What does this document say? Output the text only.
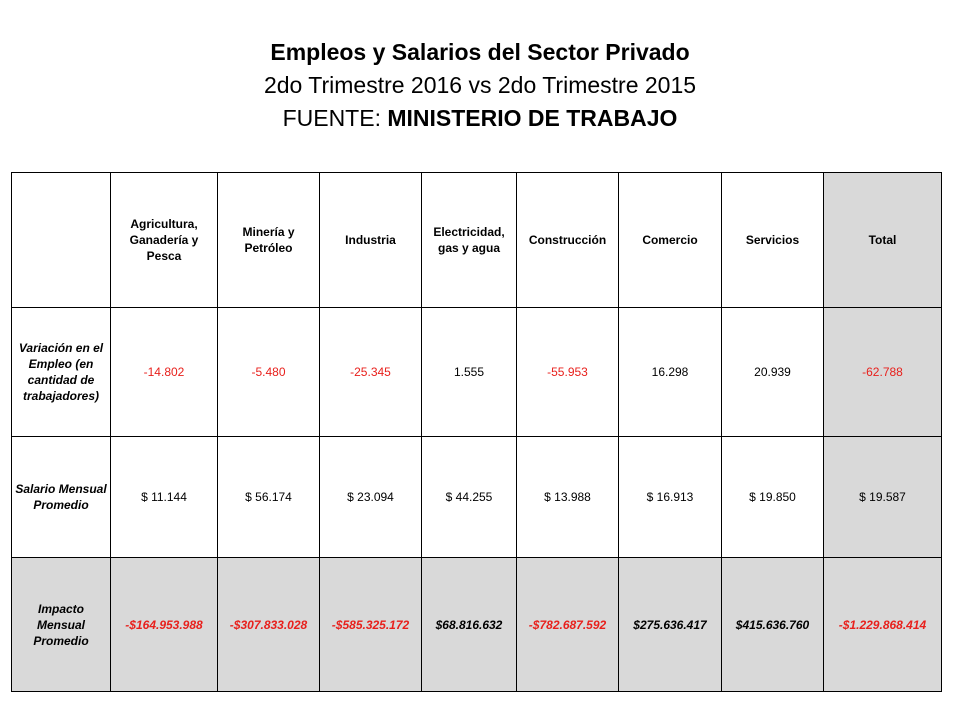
Empleos y Salarios del Sector Privado
2do Trimestre 2016 vs 2do Trimestre 2015
FUENTE: MINISTERIO DE TRABAJO
	Agricultura, Ganadería y Pesca	Minería y Petróleo	Industria	Electricidad, gas y agua	Construcción	Comercio	Servicios	Total
Variación en el Empleo (en cantidad de trabajadores)	-14.802	-5.480	-25.345	1.555	-55.953	16.298	20.939	-62.788
Salario Mensual Promedio	$ 11.144	$ 56.174	$ 23.094	$ 44.255	$ 13.988	$ 16.913	$ 19.850	$ 19.587
Impacto Mensual Promedio	-$164.953.988	-$307.833.028	-$585.325.172	$68.816.632	-$782.687.592	$275.636.417	$415.636.760	-$1.229.868.414
